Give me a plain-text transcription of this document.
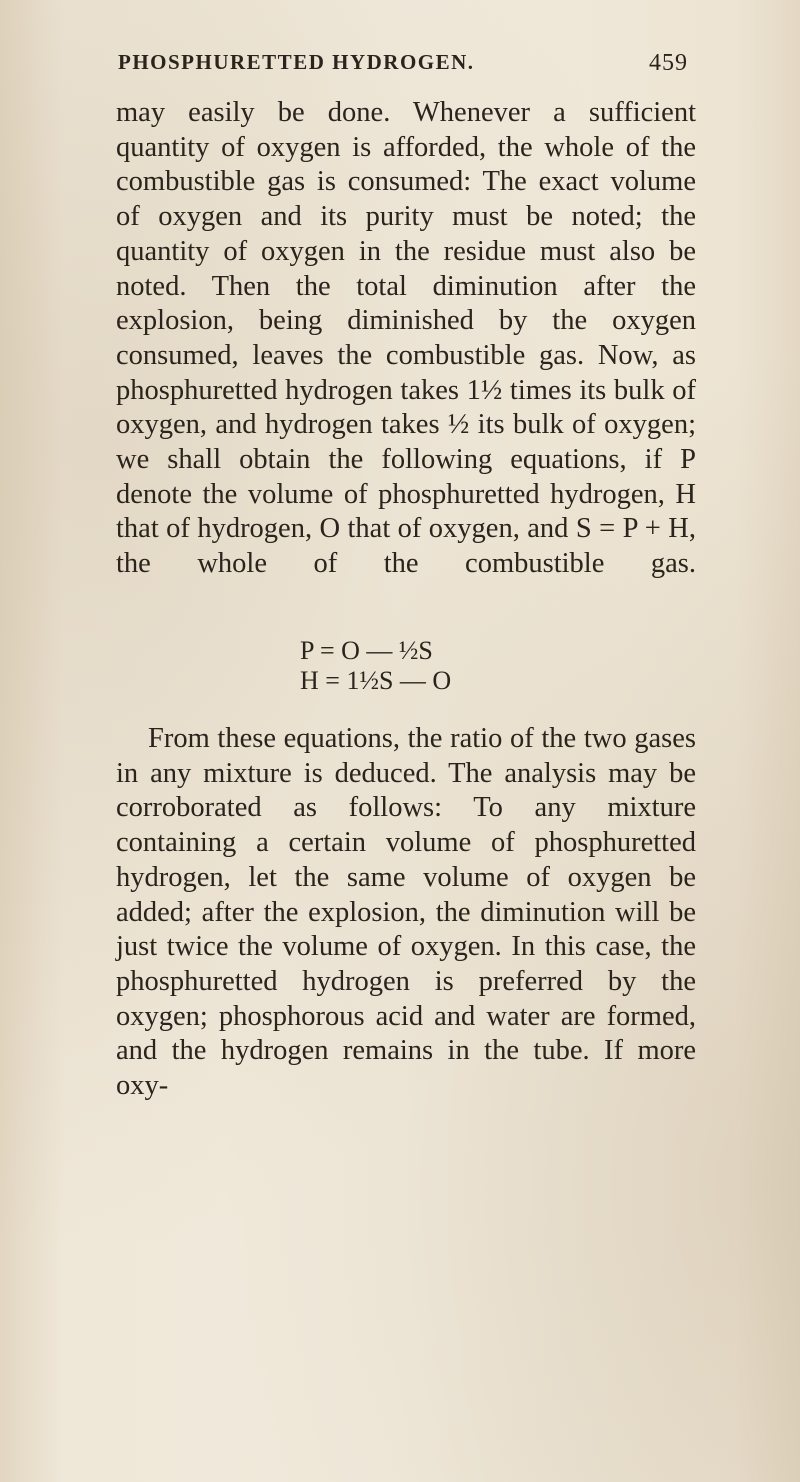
PHOSPHURETTED HYDROGEN.	459

may easily be done. Whenever a sufficient quantity of oxygen is afforded, the whole of the combustible gas is consumed: The exact volume of oxygen and its purity must be noted; the quantity of oxygen in the residue must also be noted. Then the total diminution after the explosion, being diminished by the oxygen consumed, leaves the combustible gas. Now, as phosphuretted hydrogen takes 1½ times its bulk of oxygen, and hydrogen takes ½ its bulk of oxygen; we shall obtain the following equations, if P denote the volume of phosphuretted hydrogen, H that of hydrogen, O that of oxygen, and S = P + H, the whole of the combustible gas.

P = O — ½S
H = 1½S — O

From these equations, the ratio of the two gases in any mixture is deduced. The analysis may be corroborated as follows: To any mixture containing a certain volume of phosphuretted hydrogen, let the same volume of oxygen be added; after the explosion, the diminution will be just twice the volume of oxygen. In this case, the phosphuretted hydrogen is preferred by the oxygen; phosphorous acid and water are formed, and the hydrogen remains in the tube. If more oxy-
